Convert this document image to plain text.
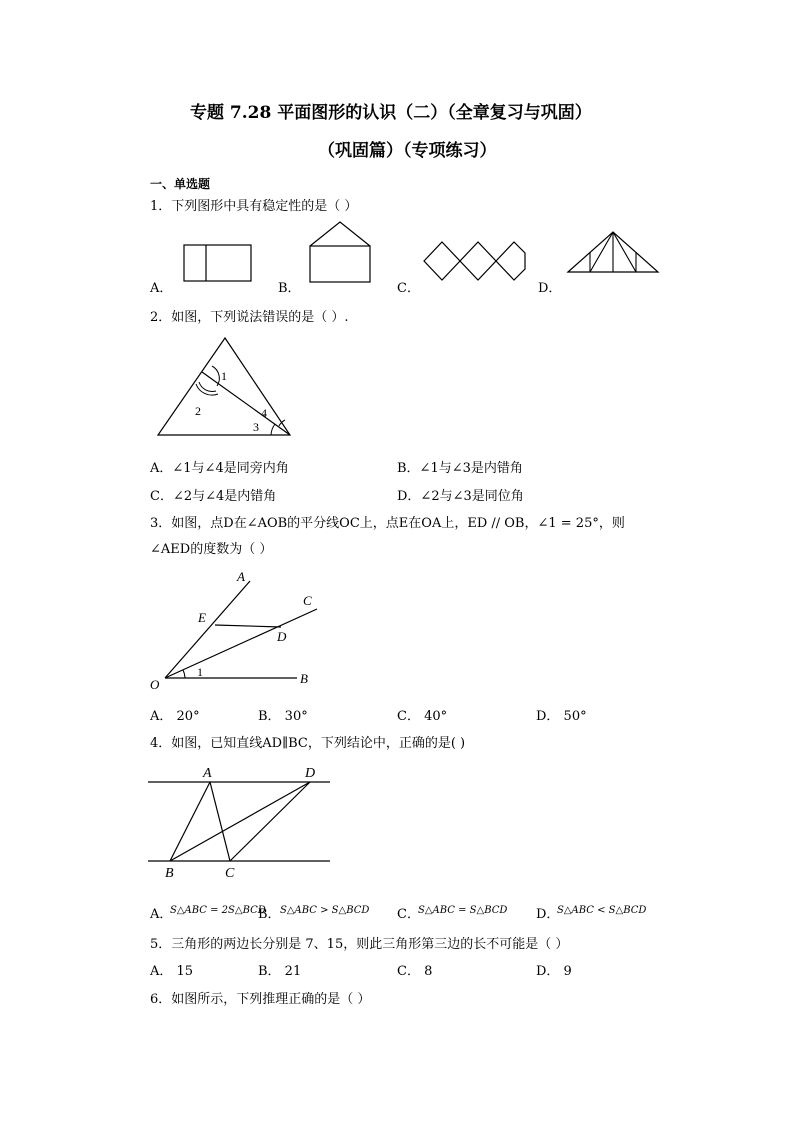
专题 7.28 平面图形的认识（二）（全章复习与巩固）
（巩固篇）（专项练习）
一、单选题
1．下列图形中具有稳定性的是（ ）
A．	B．	C．	D．
2．如图，下列说法错误的是（ ）.
1
2
3
4
A．∠1与∠4是同旁内角	B．∠1与∠3是内错角
C．∠2与∠4是内错角	D．∠2与∠3是同位角
3．如图，点D在∠AOB的平分线OC上，点E在OA上，ED // OB，∠1 = 25°，则
∠AED的度数为（ ）
A
C
E
D
O
1	B
A． 20°	B． 30°	C． 40°	D． 50°
4．如图，已知直线AD∥BC，下列结论中，正确的是( )
A	D
B	C
A．
S△ABC = 2S△BCD
B． S△ABC > S△BCD C．
S△ABC = S△BCD D．
S△ABC < S△BCD
5．三角形的两边长分别是 7、15，则此三角形第三边的长不可能是（ ）
A． 15	B． 21	C． 8	D． 9
6．如图所示，下列推理正确的是（ ）
